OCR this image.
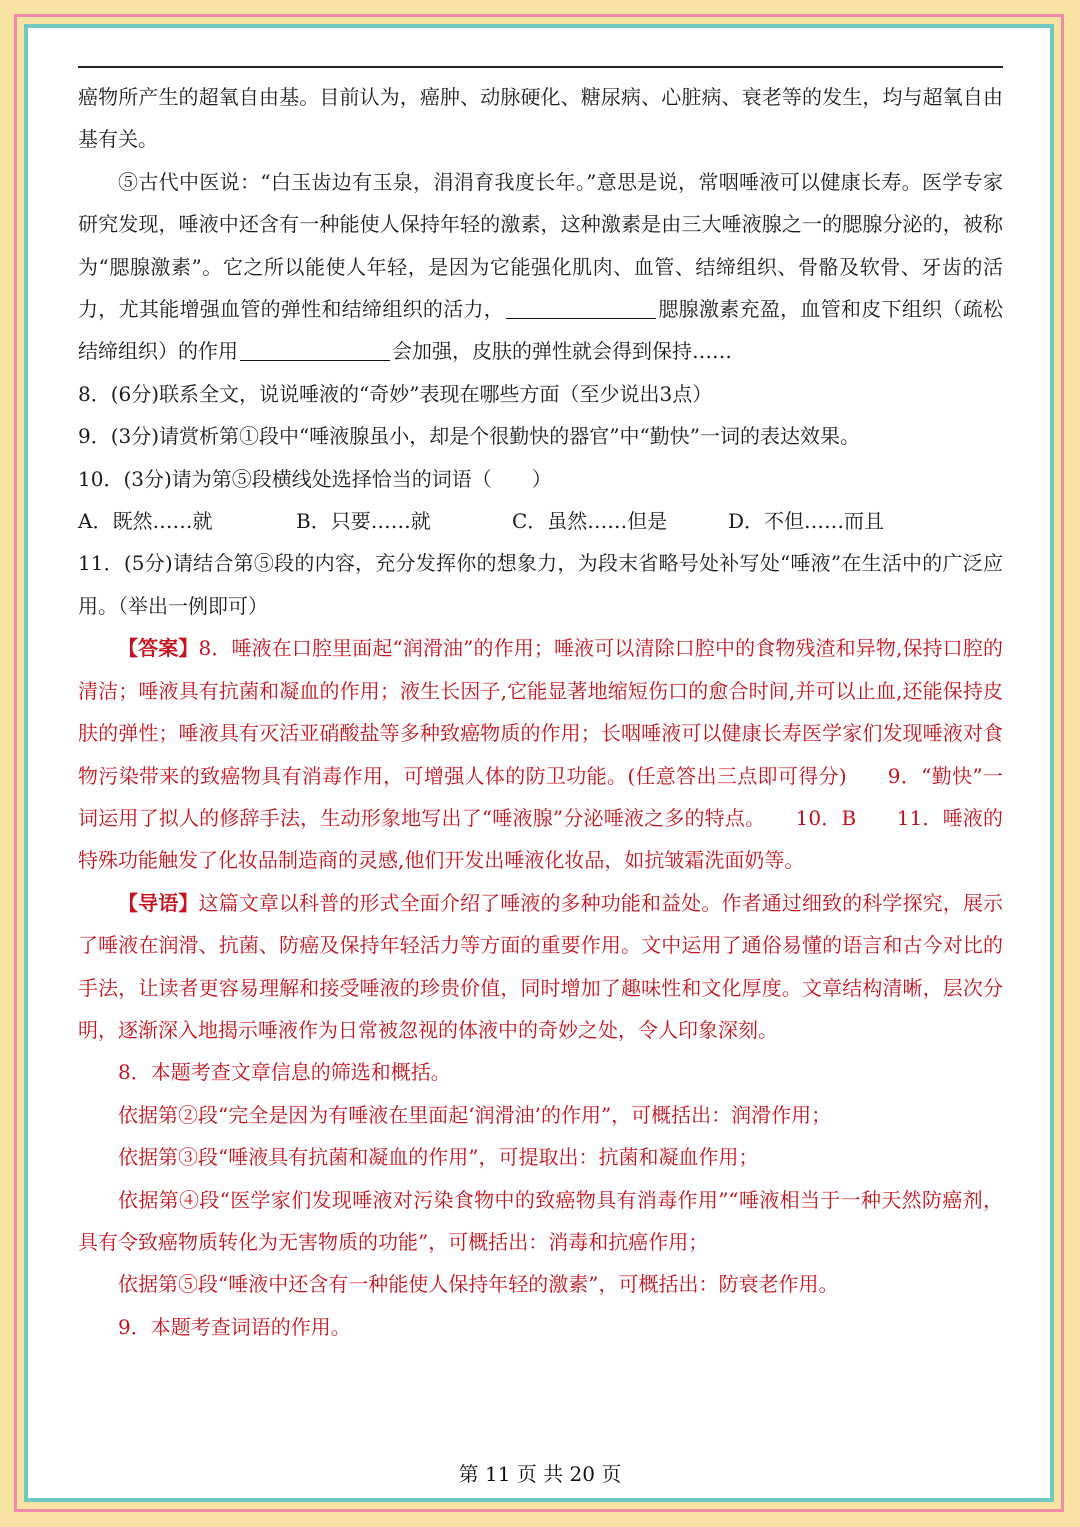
癌物所产生的超氧自由基。目前认为，癌肿、动脉硬化、糖尿病、心脏病、衰老等的发生，均与超氧自由基有关。

⑤古代中医说：“白玉齿边有玉泉，涓涓育我度长年。”意思是说，常咽唾液可以健康长寿。医学专家研究发现，唾液中还含有一种能使人保持年轻的激素，这种激素是由三大唾液腺之一的腮腺分泌的，被称为“腮腺激素”。它之所以能使人年轻，是因为它能强化肌肉、血管、结缔组织、骨骼及软骨、牙齿的活力，尤其能增强血管的弹性和结缔组织的活力，	腮腺激素充盈，血管和皮下组织（疏松结缔组织）的作用	会加强，皮肤的弹性就会得到保持……

8．(6分)联系全文，说说唾液的“奇妙”表现在哪些方面（至少说出3点）

9．(3分)请赏析第①段中“唾液腺虽小，却是个很勤快的器官”中“勤快”一词的表达效果。

10．(3分)请为第⑤段横线处选择恰当的词语（　　）

A．既然……就	B．只要……就	C．虽然……但是	D．不但……而且

11．(5分)请结合第⑤段的内容，充分发挥你的想象力，为段末省略号处补写处“唾液”在生活中的广泛应用。（举出一例即可）

【答案】8．唾液在口腔里面起“润滑油”的作用；唾液可以清除口腔中的食物残渣和异物,保持口腔的清洁；唾液具有抗菌和凝血的作用；液生长因子,它能显著地缩短伤口的愈合时间,并可以止血,还能保持皮肤的弹性；唾液具有灭活亚硝酸盐等多种致癌物质的作用；长咽唾液可以健康长寿医学家们发现唾液对食物污染带来的致癌物具有消毒作用，可增强人体的防卫功能。(任意答出三点即可得分)　　9．“勤快”一词运用了拟人的修辞手法，生动形象地写出了“唾液腺”分泌唾液之多的特点。　　10．B　　11．唾液的特殊功能触发了化妆品制造商的灵感,他们开发出唾液化妆品，如抗皱霜洗面奶等。

【导语】这篇文章以科普的形式全面介绍了唾液的多种功能和益处。作者通过细致的科学探究，展示了唾液在润滑、抗菌、防癌及保持年轻活力等方面的重要作用。文中运用了通俗易懂的语言和古今对比的手法，让读者更容易理解和接受唾液的珍贵价值，同时增加了趣味性和文化厚度。文章结构清晰，层次分明，逐渐深入地揭示唾液作为日常被忽视的体液中的奇妙之处，令人印象深刻。

8．本题考查文章信息的筛选和概括。

依据第②段“完全是因为有唾液在里面起‘润滑油’的作用”，可概括出：润滑作用；

依据第③段“唾液具有抗菌和凝血的作用”，可提取出：抗菌和凝血作用；

依据第④段“医学家们发现唾液对污染食物中的致癌物具有消毒作用”“唾液相当于一种天然防癌剂，具有令致癌物质转化为无害物质的功能”，可概括出：消毒和抗癌作用；

依据第⑤段“唾液中还含有一种能使人保持年轻的激素”，可概括出：防衰老作用。

9．本题考查词语的作用。

第 11 页 共 20 页
